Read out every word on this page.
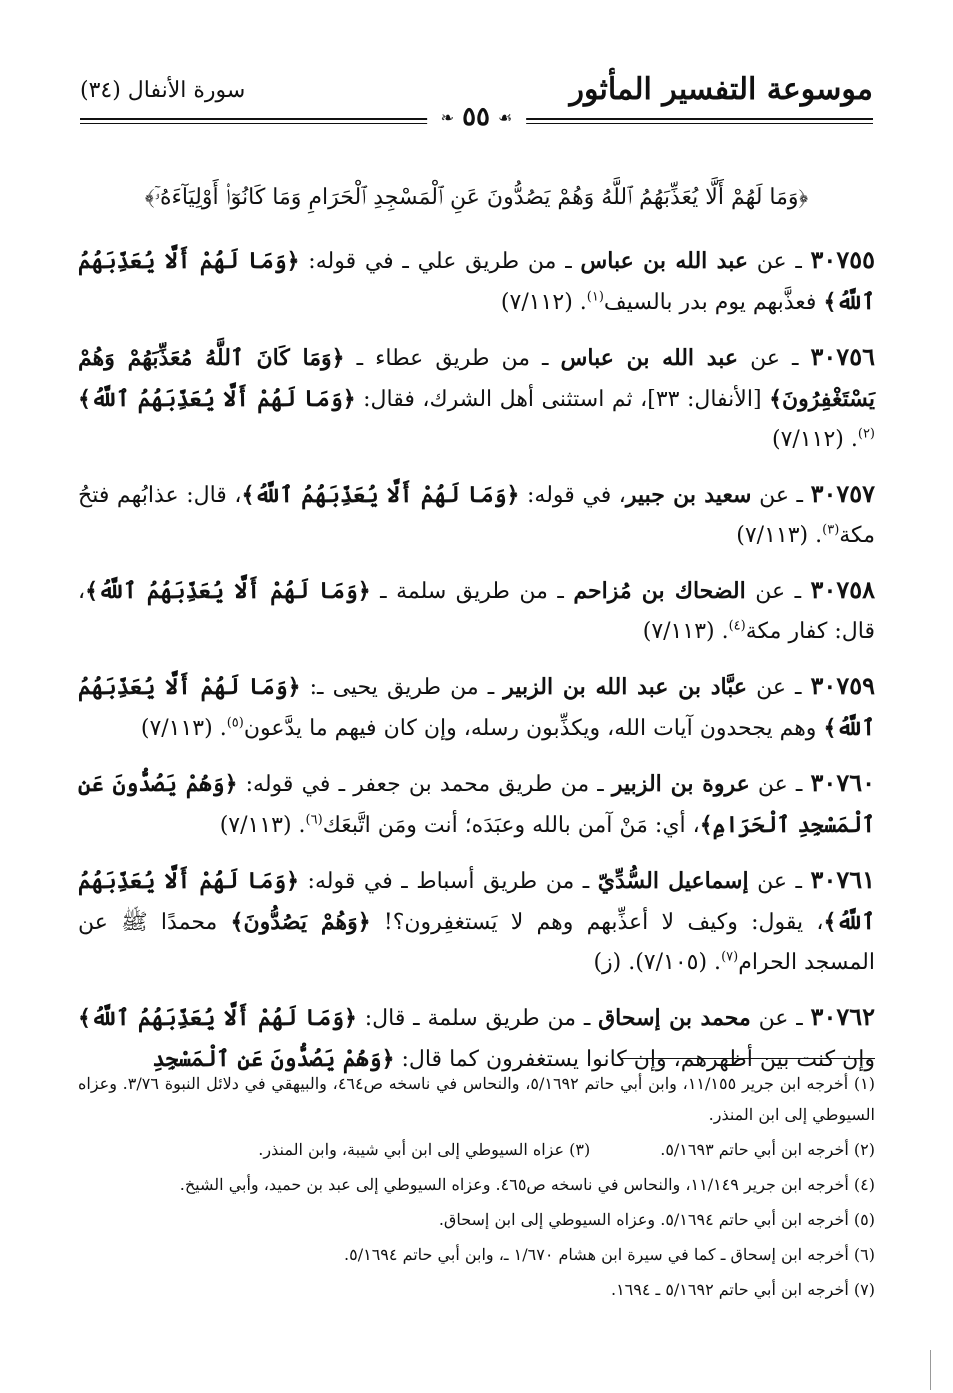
موسوعة التفسير المأثور
سورة الأنفال (٣٤)
❧ ٥٥ ☙
﴿وَمَا لَهُمْ أَلَّا يُعَذِّبَهُمُ ٱللَّهُ وَهُمْ يَصُدُّونَ عَنِ ٱلْمَسْجِدِ ٱلْحَرَامِ وَمَا كَانُوٓا۟ أَوْلِيَآءَهُۥٓ﴾
٣٠٧٥٥ ـ عن عبد الله بن عباس ـ من طريق علي ـ في قوله: ﴿وَمَا لَهُمْ أَلَّا يُعَذِّبَهُمُ ٱللَّهُ﴾ فعذَّبهم يوم بدر بالسيف$^{(١)}$. (٧/١١٢)
٣٠٧٥٦ ـ عن عبد الله بن عباس ـ من طريق عطاء ـ ﴿وَمَا كَانَ ٱللَّهُ مُعَذِّبَهُمْ وَهُمْ يَسْتَغْفِرُونَ﴾ [الأنفال: ٣٣]، ثم استثنى أهل الشرك، فقال: ﴿وَمَا لَهُمْ أَلَّا يُعَذِّبَهُمُ ٱللَّهُ﴾$^{(٢)}$. (٧/١١٢)
٣٠٧٥٧ ـ عن سعيد بن جبير، في قوله: ﴿وَمَا لَهُمْ أَلَّا يُعَذِّبَهُمُ ٱللَّهُ﴾، قال: عذابُهم فتحُ مكة$^{(٣)}$. (٧/١١٣)
٣٠٧٥٨ ـ عن الضحاك بن مُزاحم ـ من طريق سلمة ـ ﴿وَمَا لَهُمْ أَلَّا يُعَذِّبَهُمُ ٱللَّهُ﴾، قال: كفار مكة$^{(٤)}$. (٧/١١٣)
٣٠٧٥٩ ـ عن عبَّاد بن عبد الله بن الزبير ـ من طريق يحيى ـ: ﴿وَمَا لَهُمْ أَلَّا يُعَذِّبَهُمُ ٱللَّهُ﴾ وهم يجحدون آيات الله، ويكذِّبون رسله، وإن كان فيهم ما يدَّعون$^{(٥)}$. (٧/١١٣)
٣٠٧٦٠ ـ عن عروة بن الزبير ـ من طريق محمد بن جعفر ـ في قوله: ﴿وَهُمْ يَصُدُّونَ عَنِ ٱلْمَسْجِدِ ٱلْحَرَامِ﴾، أي: مَنْ آمن بالله وعبَدَه؛ أنت ومَن اتَّبعَك$^{(٦)}$. (٧/١١٣)
٣٠٧٦١ ـ عن إسماعيل السُّدِّيّ ـ من طريق أسباط ـ في قوله: ﴿وَمَا لَهُمْ أَلَّا يُعَذِّبَهُمُ ٱللَّهُ﴾، يقول: وكيف لا أعذِّبهم وهم لا يَستغفِرون؟! ﴿وَهُمْ يَصُدُّونَ﴾ محمدًا ﷺ عن المسجد الحرام$^{(٧)}$. (٧/١٠٥). (ز)
٣٠٧٦٢ ـ عن محمد بن إسحاق ـ من طريق سلمة ـ قال: ﴿وَمَا لَهُمْ أَلَّا يُعَذِّبَهُمُ ٱللَّهُ﴾ وإن كنت بين أظهرهم، وإن كانوا يستغفرون كما قال: ﴿وَهُمْ يَصُدُّونَ عَنِ ٱلْمَسْجِدِ

(١) أخرجه ابن جرير ١١/١٥٥، وابن أبي حاتم ٥/١٦٩٢، والنحاس في ناسخه ص٤٦٤، والبيهقي في دلائل النبوة ٣/٧٦. وعزاه السيوطي إلى ابن المنذر.

(٢) أخرجه ابن أبي حاتم ٥/١٦٩٣.
(٣) عزاه السيوطي إلى ابن أبي شيبة، وابن المنذر.

(٤) أخرجه ابن جرير ١١/١٤٩، والنحاس في ناسخه ص٤٦٥. وعزاه السيوطي إلى عبد بن حميد، وأبي الشيخ.

(٥) أخرجه ابن أبي حاتم ٥/١٦٩٤. وعزاه السيوطي إلى ابن إسحاق.

(٦) أخرجه ابن إسحاق ـ كما في سيرة ابن هشام ١/٦٧٠ ـ، وابن أبي حاتم ٥/١٦٩٤.

(٧) أخرجه ابن أبي حاتم ٥/١٦٩٢ ـ ١٦٩٤.
